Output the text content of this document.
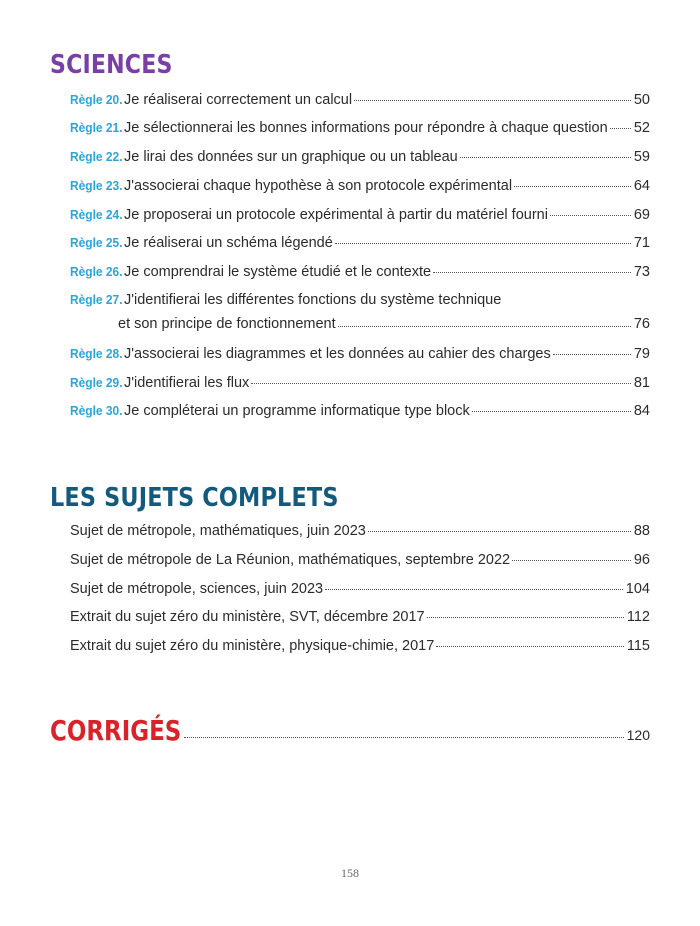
SCIENCES
Règle 20. Je réaliserai correctement un calcul	50
Règle 21. Je sélectionnerai les bonnes informations pour répondre à chaque question 52
Règle 22. Je lirai des données sur un graphique ou un tableau	59
Règle 23. J'associerai chaque hypothèse à son protocole expérimental	64
Règle 24. Je proposerai un protocole expérimental à partir du matériel fourni	69
Règle 25. Je réaliserai un schéma légendé	71
Règle 26. Je comprendrai le système étudié et le contexte	73
Règle 27. J'identifierai les différentes fonctions du système technique
et son principe de fonctionnement	76
Règle 28. J'associerai les diagrammes et les données au cahier des charges	79
Règle 29. J'identifierai les flux	81
Règle 30. Je compléterai un programme informatique type block	84
LES SUJETS COMPLETS
Sujet de métropole, mathématiques, juin 2023	88
Sujet de métropole de La Réunion, mathématiques, septembre 2022	96
Sujet de métropole, sciences, juin 2023	104
Extrait du sujet zéro du ministère, SVT, décembre 2017	112
Extrait du sujet zéro du ministère, physique-chimie, 2017	115
CORRIGÉS	120
158
